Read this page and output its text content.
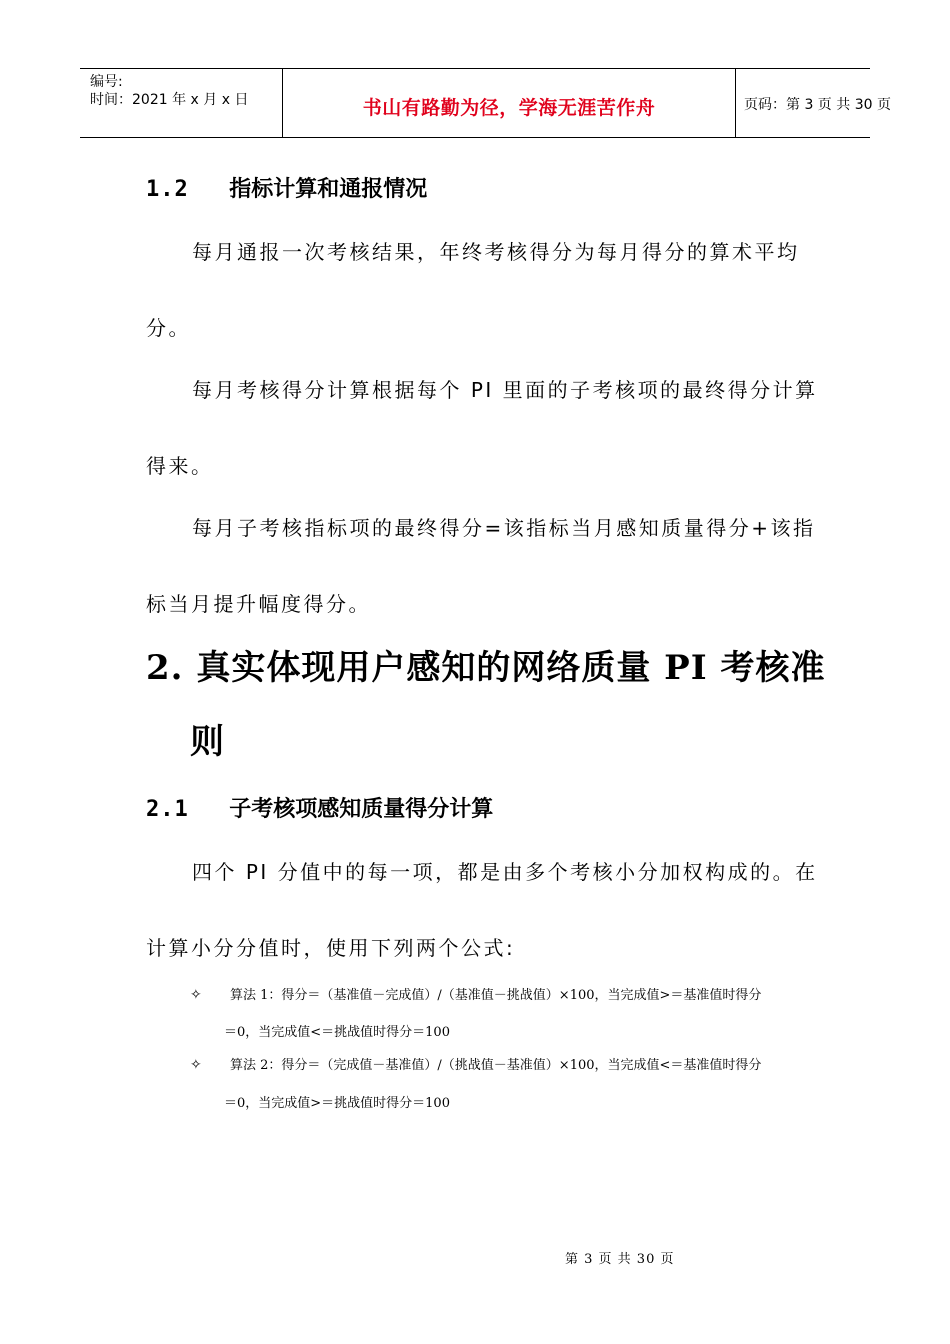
编号:
时间：2021 年 x 月 x 日	书山有路勤为径，学海无涯苦作舟	页码：第 3 页 共 30 页
1.2 指标计算和通报情况
每月通报一次考核结果，年终考核得分为每月得分的算术平均
分。
每月考核得分计算根据每个 PI 里面的子考核项的最终得分计算
得来。
每月子考核指标项的最终得分=该指标当月感知质量得分+该指
标当月提升幅度得分。
2. 真实体现用户感知的网络质量 PI 考核准
则
2.1 子考核项感知质量得分计算
四个 PI 分值中的每一项，都是由多个考核小分加权构成的。在
计算小分分值时，使用下列两个公式:
✧ 算法 1：得分＝（基准值－完成值）/（基准值－挑战值）×100，当完成值>＝基准值时得分
＝0，当完成值<＝挑战值时得分＝100
✧ 算法 2：得分＝（完成值－基准值）/（挑战值－基准值）×100，当完成值<＝基准值时得分
＝0，当完成值>＝挑战值时得分＝100
第 3 页 共 30 页
